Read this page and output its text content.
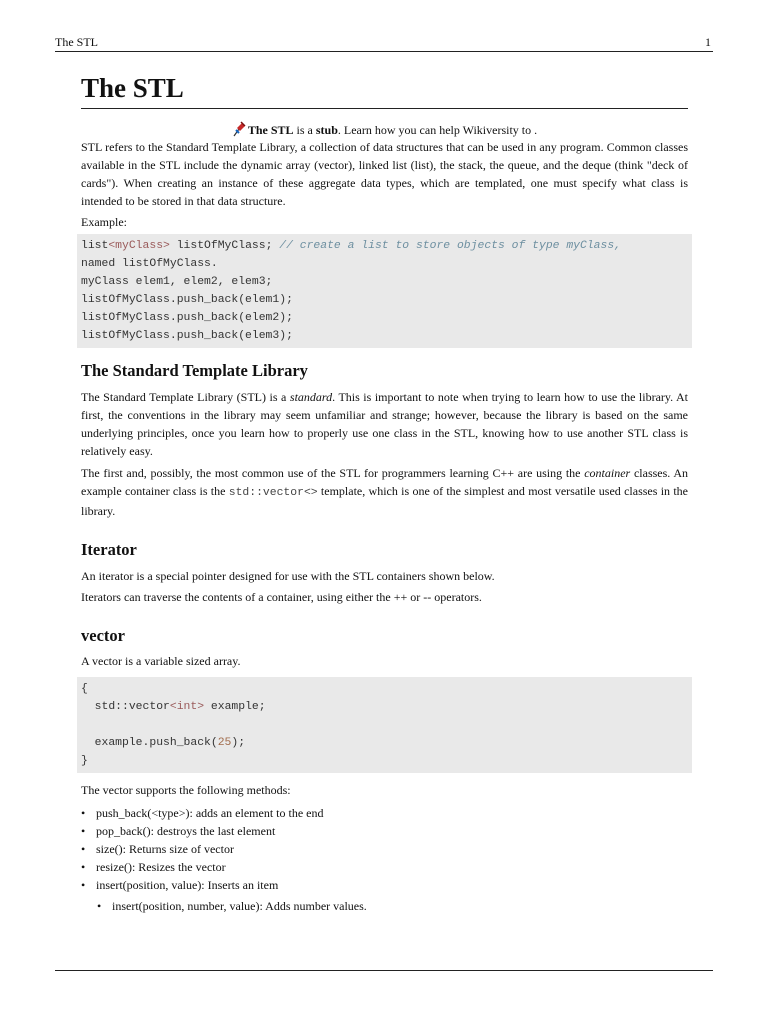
The STL	1
The STL
The STL is a stub. Learn how you can help Wikiversity to .

STL refers to the Standard Template Library, a collection of data structures that can be used in any program. Common classes available in the STL include the dynamic array (vector), linked list (list), the stack, the queue, and the deque (think "deck of cards"). When creating an instance of these aggregate data types, which are templated, one must specify what class is intended to be stored in that data structure.

Example:

list<myClass> listOfMyClass; // create a list to store objects of type myClass,
named listOfMyClass.
myClass elem1, elem2, elem3;
listOfMyClass.push_back(elem1);
listOfMyClass.push_back(elem2);
listOfMyClass.push_back(elem3);
The Standard Template Library

The Standard Template Library (STL) is a standard. This is important to note when trying to learn how to use the library. At first, the conventions in the library may seem unfamiliar and strange; however, because the library is based on the same underlying principles, once you learn how to properly use one class in the STL, knowing how to use another STL class is relatively easy.

The first and, possibly, the most common use of the STL for programmers learning C++ are using the container classes. An example container class is the std::vector<> template, which is one of the simplest and most versatile used classes in the library.

Iterator

An iterator is a special pointer designed for use with the STL containers shown below.

Iterators can traverse the contents of a container, using either the ++ or -- operators.

vector

A vector is a variable sized array.

{
std::vector<int> example;

example.push_back(25);
}

The vector supports the following methods:

• push_back(<type>): adds an element to the end
• pop_back(): destroys the last element
• size(): Returns size of vector
• resize(): Resizes the vector
• insert(position, value): Inserts an item
• insert(position, number, value): Adds number values.
